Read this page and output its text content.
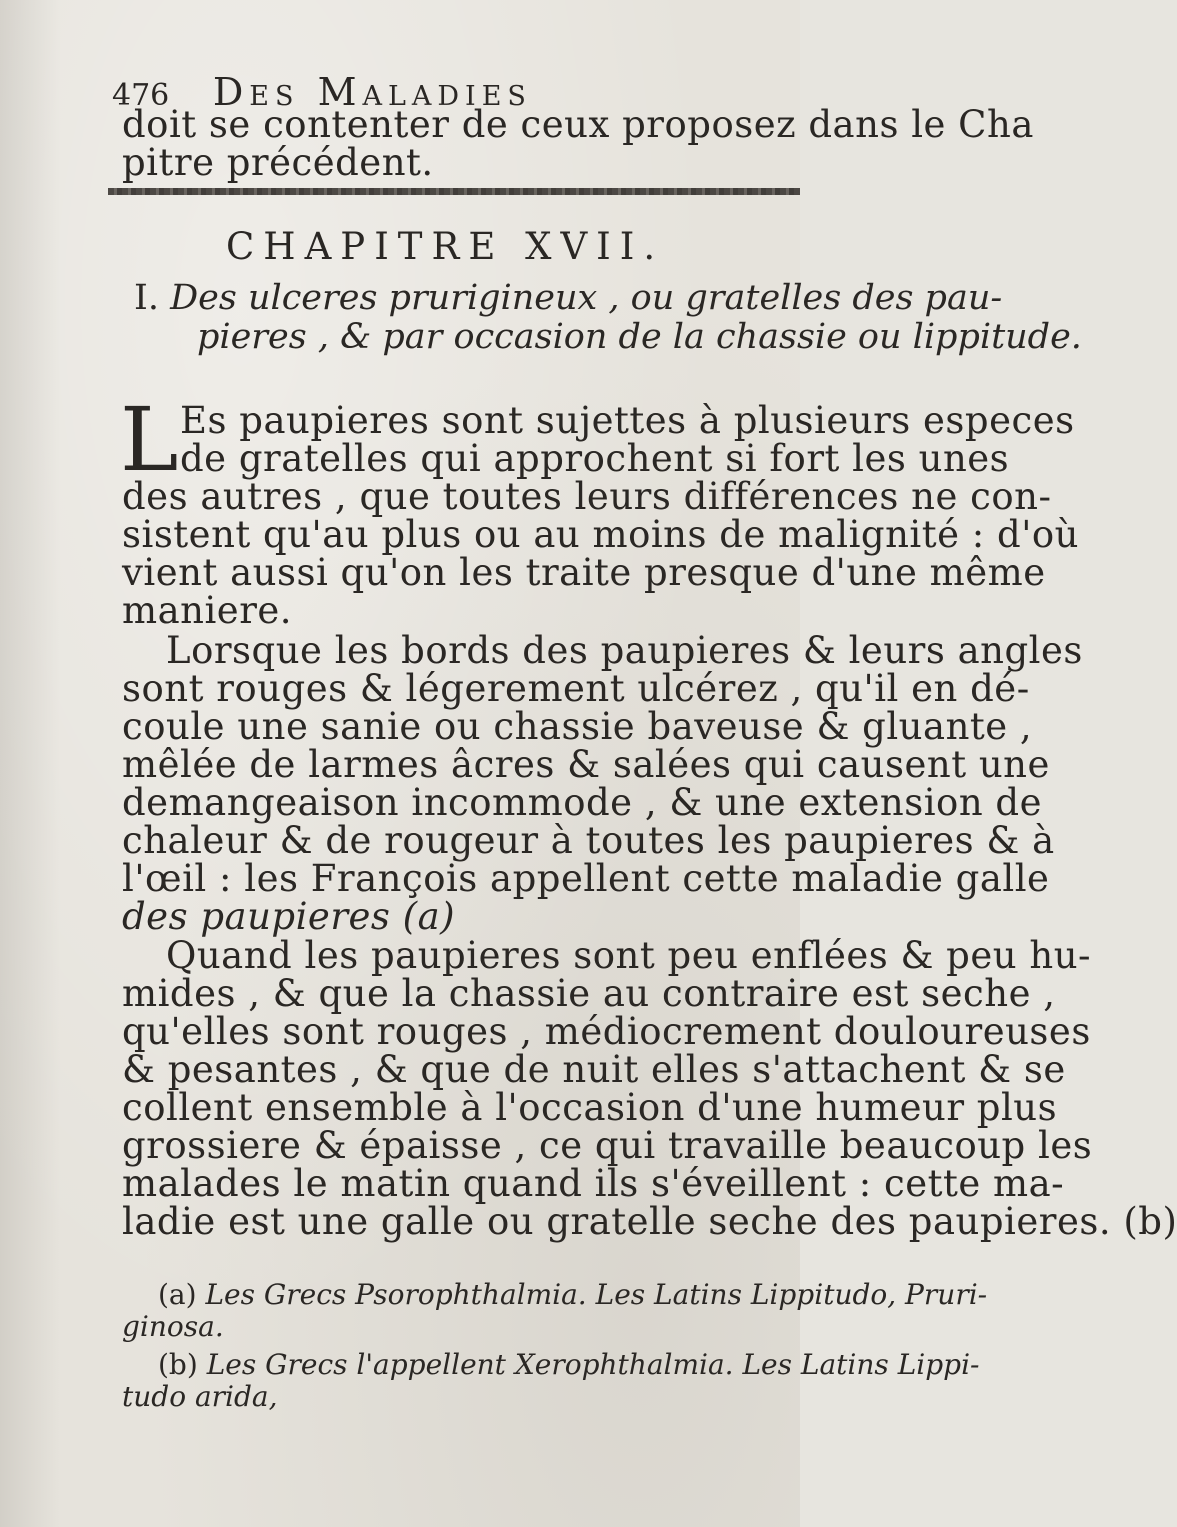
476 Des Maladies
doit se contenter de ceux proposez dans le Cha
pitre précédent.
CHAPITRE XVII.
I. Des ulceres prurigineux , ou gratelles des pau-
pieres , & par occasion de la chassie ou lippitude.
L Es paupieres sont sujettes à plusieurs especes
de gratelles qui approchent si fort les unes
des autres , que toutes leurs différences ne con-
sistent qu'au plus ou au moins de malignité : d'où
vient aussi qu'on les traite presque d'une même
maniere.
Lorsque les bords des paupieres & leurs angles
sont rouges & légerement ulcérez , qu'il en dé-
coule une sanie ou chassie baveuse & gluante ,
mêlée de larmes âcres & salées qui causent une
demangeaison incommode , & une extension de
chaleur & de rougeur à toutes les paupieres & à
l'œil : les François appellent cette maladie galle
des paupieres (a)
Quand les paupieres sont peu enflées & peu hu-
mides , & que la chassie au contraire est seche ,
qu'elles sont rouges , médiocrement douloureuses
& pesantes , & que de nuit elles s'attachent & se
collent ensemble à l'occasion d'une humeur plus
grossiere & épaisse , ce qui travaille beaucoup les
malades le matin quand ils s'éveillent : cette ma-
ladie est une galle ou gratelle seche des paupieres. (b)
(a) Les Grecs Psorophthalmia. Les Latins Lippitudo, Pruri-
ginosa.
(b) Les Grecs l'appellent Xerophthalmia. Les Latins Lippi-
tudo arida,
